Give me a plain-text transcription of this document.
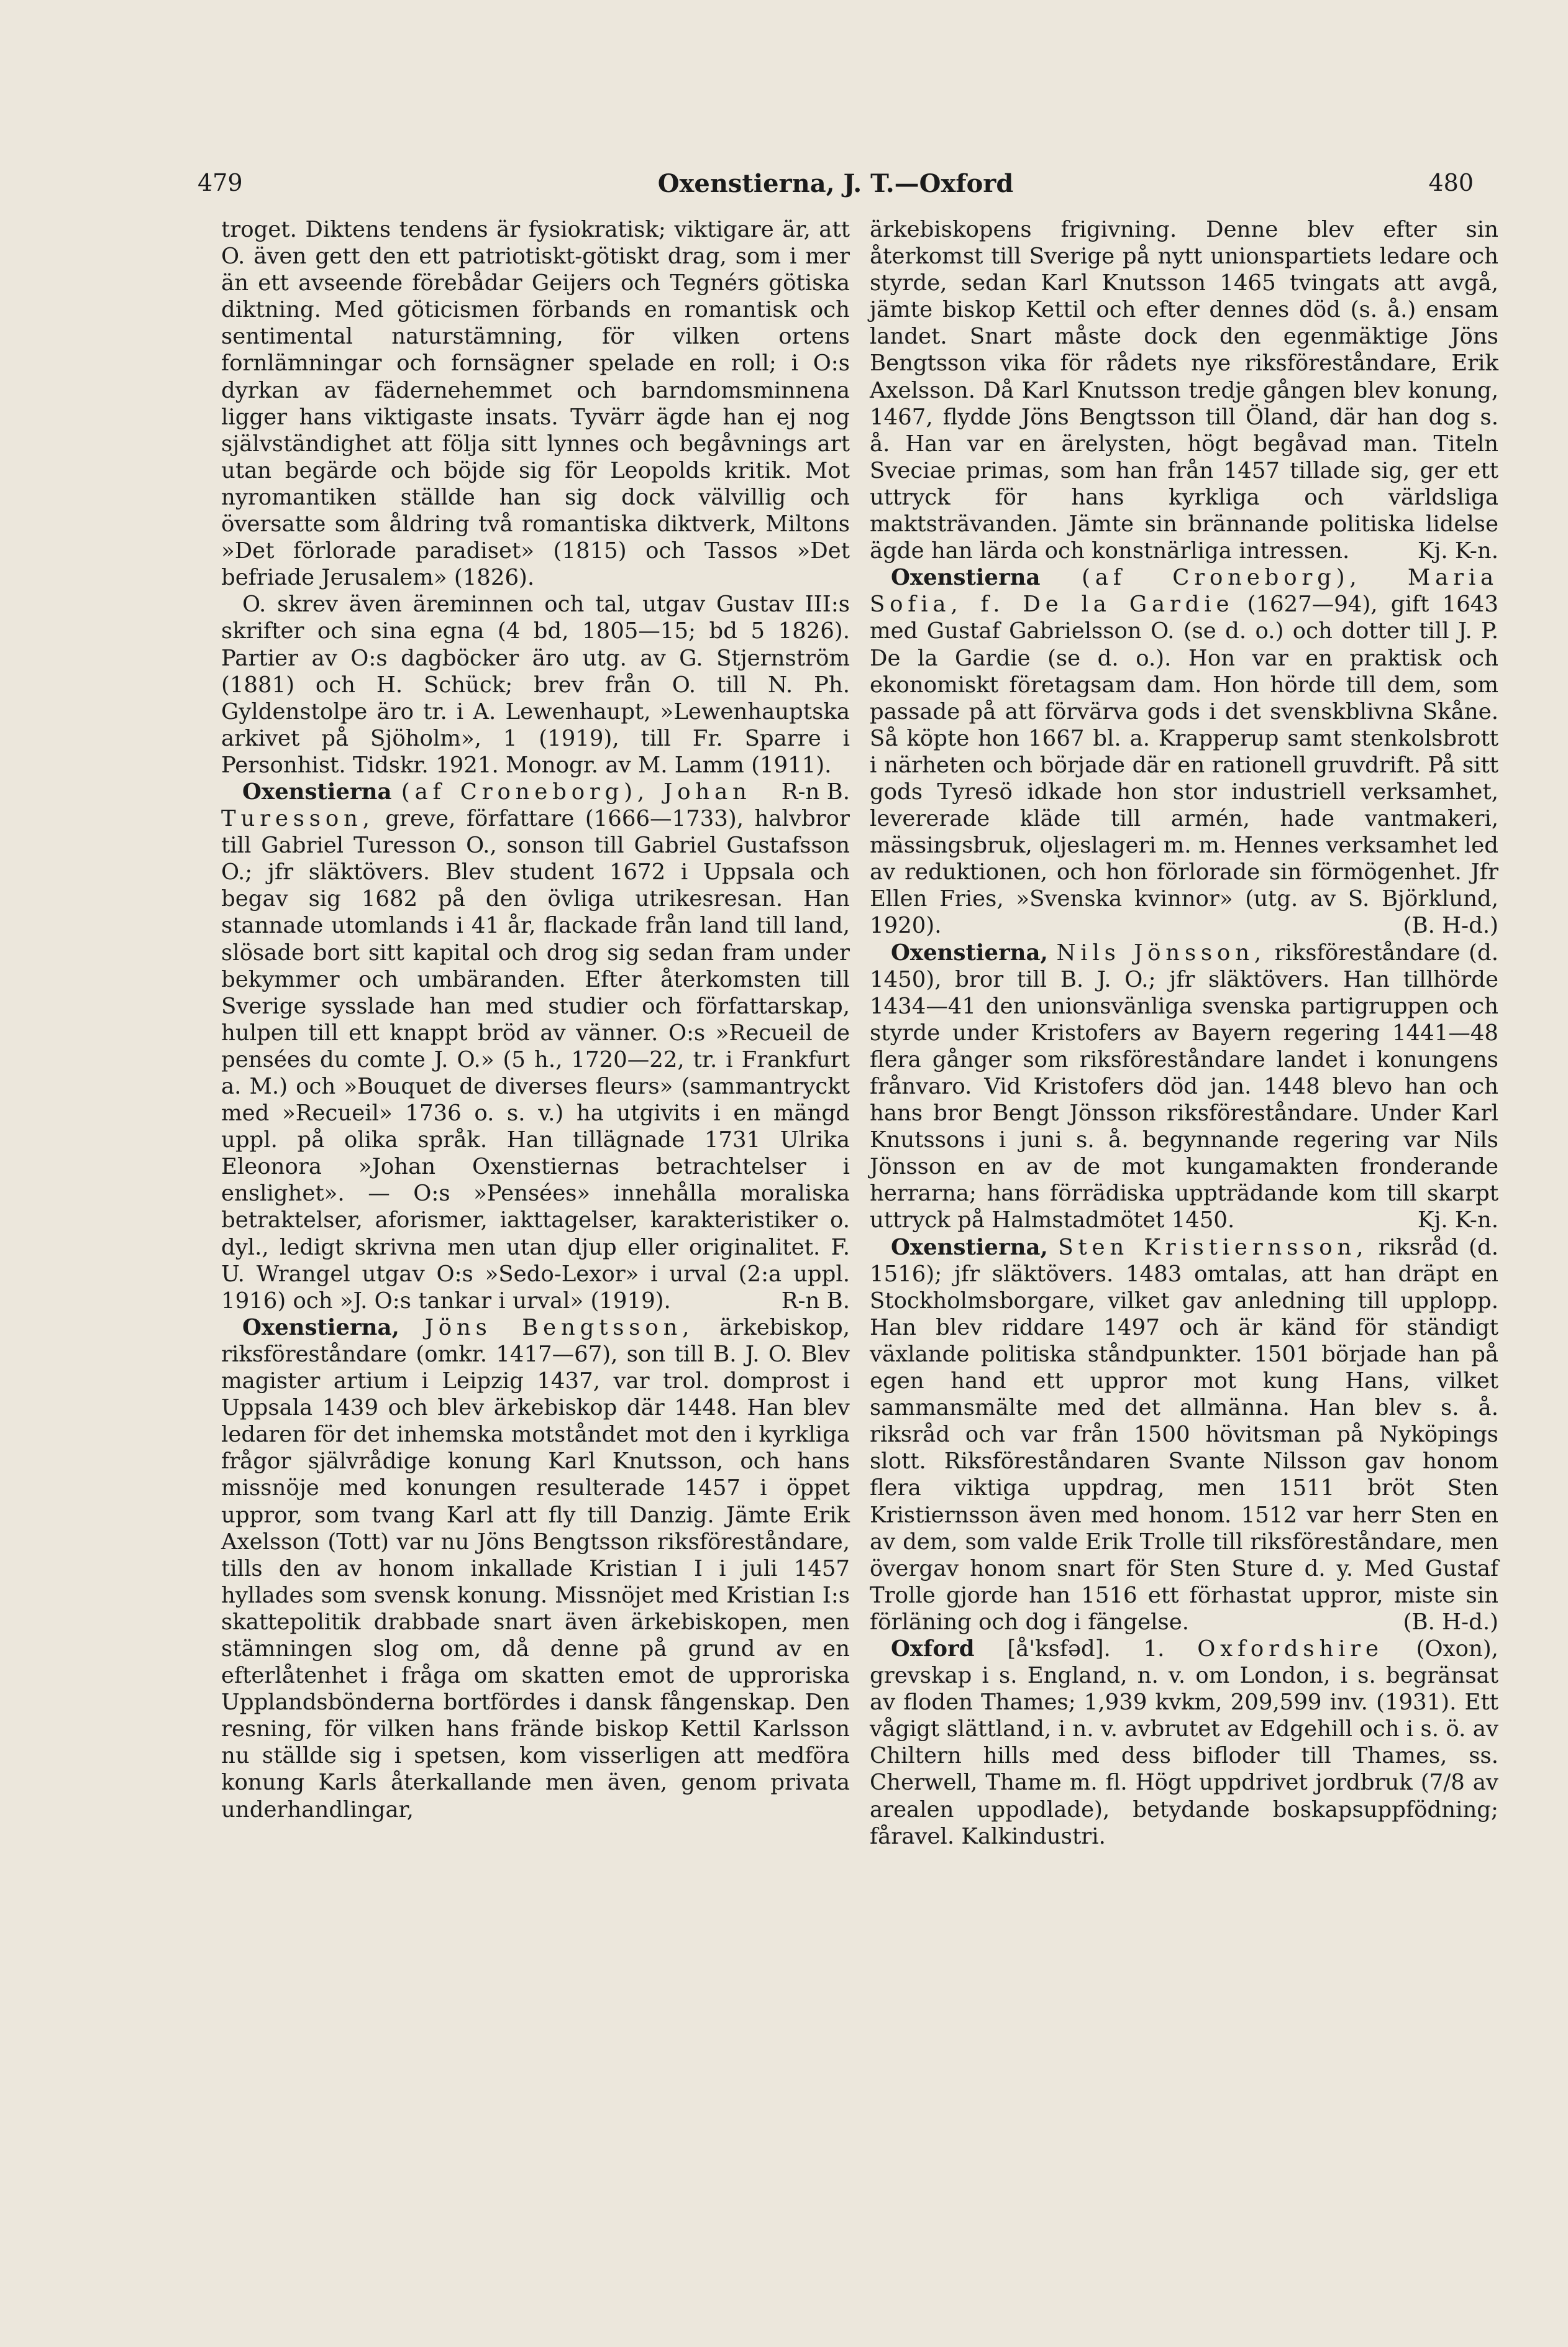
479	Oxenstierna, J. T.—Oxford	480

troget. Diktens tendens är fysiokratisk; viktigare är, att O. även gett den ett patriotiskt-götiskt drag, som i mer än ett avseende förebådar Geijers och Tegnérs götiska diktning. Med göticismen förbands en romantisk och sentimental naturstämning, för vilken ortens fornlämningar och fornsägner spelade en roll; i O:s dyrkan av fädernehemmet och barndomsminnena ligger hans viktigaste insats. Tyvärr ägde han ej nog självständighet att följa sitt lynnes och begåvnings art utan begärde och böjde sig för Leopolds kritik. Mot nyromantiken ställde han sig dock välvillig och översatte som åldring två romantiska diktverk, Miltons »Det förlorade paradiset» (1815) och Tassos »Det befriade Jerusalem» (1826).

O. skrev även äreminnen och tal, utgav Gustav III:s skrifter och sina egna (4 bd, 1805—15; bd 5 1826). Partier av O:s dagböcker äro utg. av G. Stjernström (1881) och H. Schück; brev från O. till N. Ph. Gyldenstolpe äro tr. i A. Lewenhaupt, »Lewenhauptska arkivet på Sjöholm», 1 (1919), till Fr. Sparre i Personhist. Tidskr. 1921. Monogr. av M. Lamm (1911).
R-n B.

Oxenstierna (af Croneborg), Johan Turesson, greve, författare (1666—1733), halvbror till Gabriel Turesson O., sonson till Gabriel Gustafsson O.; jfr släktövers. Blev student 1672 i Uppsala och begav sig 1682 på den övliga utrikesresan. Han stannade utomlands i 41 år, flackade från land till land, slösade bort sitt kapital och drog sig sedan fram under bekymmer och umbäranden. Efter återkomsten till Sverige sysslade han med studier och författarskap, hulpen till ett knappt bröd av vänner. O:s »Recueil de pensées du comte J. O.» (5 h., 1720—22, tr. i Frankfurt a. M.) och »Bouquet de diverses fleurs» (sammantryckt med »Recueil» 1736 o. s. v.) ha utgivits i en mängd uppl. på olika språk. Han tillägnade 1731 Ulrika Eleonora »Johan Oxenstiernas betrachtelser i enslighet». — O:s »Pensées» innehålla moraliska betraktelser, aforismer, iakttagelser, karakteristiker o. dyl., ledigt skrivna men utan djup eller originalitet. F. U. Wrangel utgav O:s »Sedo-Lexor» i urval (2:a uppl. 1916) och »J. O:s tankar i urval» (1919).	R-n B.

Oxenstierna, Jöns Bengtsson, ärkebiskop, riksföreståndare (omkr. 1417—67), son till B. J. O. Blev magister artium i Leipzig 1437, var trol. domprost i Uppsala 1439 och blev ärkebiskop där 1448. Han blev ledaren för det inhemska motståndet mot den i kyrkliga frågor självrådige konung Karl Knutsson, och hans missnöje med konungen resulterade 1457 i öppet uppror, som tvang Karl att fly till Danzig. Jämte Erik Axelsson (Tott) var nu Jöns Bengtsson riksföreståndare, tills den av honom inkallade Kristian I i juli 1457 hyllades som svensk konung. Missnöjet med Kristian I:s skattepolitik drabbade snart även ärkebiskopen, men stämningen slog om, då denne på grund av en efterlåtenhet i fråga om skatten emot de upproriska Upplandsbönderna bortfördes i dansk fångenskap. Den resning, för vilken hans frände biskop Kettil Karlsson nu ställde sig i spetsen, kom visserligen att medföra konung Karls återkallande men även, genom privata underhandlingar,

ärkebiskopens frigivning. Denne blev efter sin återkomst till Sverige på nytt unionspartiets ledare och styrde, sedan Karl Knutsson 1465 tvingats att avgå, jämte biskop Kettil och efter dennes död (s. å.) ensam landet. Snart måste dock den egenmäktige Jöns Bengtsson vika för rådets nye riksföreståndare, Erik Axelsson. Då Karl Knutsson tredje gången blev konung, 1467, flydde Jöns Bengtsson till Öland, där han dog s. å. Han var en ärelysten, högt begåvad man. Titeln Sveciae primas, som han från 1457 tillade sig, ger ett uttryck för hans kyrkliga och världsliga maktsträvanden. Jämte sin brännande politiska lidelse ägde han lärda och konstnärliga intressen.	Kj. K-n.

Oxenstierna (af Croneborg), Maria Sofia, f. De la Gardie (1627—94), gift 1643 med Gustaf Gabrielsson O. (se d. o.) och dotter till J. P. De la Gardie (se d. o.). Hon var en praktisk och ekonomiskt företagsam dam. Hon hörde till dem, som passade på att förvärva gods i det svenskblivna Skåne. Så köpte hon 1667 bl. a. Krapperup samt stenkolsbrott i närheten och började där en rationell gruvdrift. På sitt gods Tyresö idkade hon stor industriell verksamhet, levererade kläde till armén, hade vantmakeri, mässingsbruk, oljeslageri m. m. Hennes verksamhet led av reduktionen, och hon förlorade sin förmögenhet. Jfr Ellen Fries, »Svenska kvinnor» (utg. av S. Björklund, 1920).	(B. H-d.)

Oxenstierna, Nils Jönsson, riksföreståndare (d. 1450), bror till B. J. O.; jfr släktövers. Han tillhörde 1434—41 den unionsvänliga svenska partigruppen och styrde under Kristofers av Bayern regering 1441—48 flera gånger som riksföreståndare landet i konungens frånvaro. Vid Kristofers död jan. 1448 blevo han och hans bror Bengt Jönsson riksföreståndare. Under Karl Knutssons i juni s. å. begynnande regering var Nils Jönsson en av de mot kungamakten fronderande herrarna; hans förrädiska uppträdande kom till skarpt uttryck på Halmstadmötet 1450.	Kj. K-n.

Oxenstierna, Sten Kristiernsson, riksråd (d. 1516); jfr släktövers. 1483 omtalas, att han dräpt en Stockholmsborgare, vilket gav anledning till upplopp. Han blev riddare 1497 och är känd för ständigt växlande politiska ståndpunkter. 1501 började han på egen hand ett uppror mot kung Hans, vilket sammansmälte med det allmänna. Han blev s. å. riksråd och var från 1500 hövitsman på Nyköpings slott. Riksföreståndaren Svante Nilsson gav honom flera viktiga uppdrag, men 1511 bröt Sten Kristiernsson även med honom. 1512 var herr Sten en av dem, som valde Erik Trolle till riksföreståndare, men övergav honom snart för Sten Sture d. y. Med Gustaf Trolle gjorde han 1516 ett förhastat uppror, miste sin förläning och dog i fängelse.	(B. H-d.)

Oxford [å'ksfəd]. 1. Oxfordshire (Oxon), grevskap i s. England, n. v. om London, i s. begränsat av floden Thames; 1,939 kvkm, 209,599 inv. (1931). Ett vågigt slättland, i n. v. avbrutet av Edgehill och i s. ö. av Chiltern hills med dess bifloder till Thames, ss. Cherwell, Thame m. fl. Högt uppdrivet jordbruk (7/8 av arealen uppodlade), betydande boskapsuppfödning; fåravel. Kalkindustri.
